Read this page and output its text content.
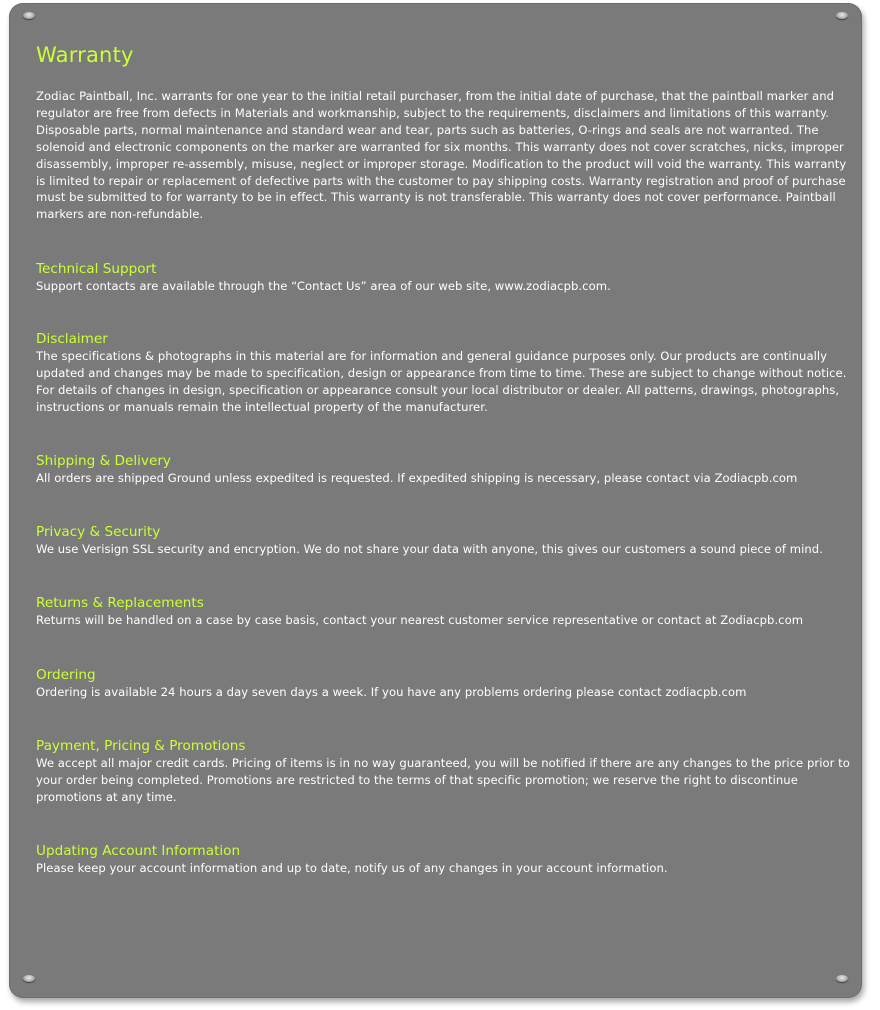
Warranty

Zodiac Paintball, Inc. warrants for one year to the initial retail purchaser, from the initial date of purchase, that the paintball marker and regulator are free from defects in Materials and workmanship, subject to the requirements, disclaimers and limitations of this warranty. Disposable parts, normal maintenance and standard wear and tear, parts such as batteries, O-rings and seals are not warranted. The solenoid and electronic components on the marker are warranted for six months. This warranty does not cover scratches, nicks, improper disassembly, improper re-assembly, misuse, neglect or improper storage. Modification to the product will void the warranty. This warranty is limited to repair or replacement of defective parts with the customer to pay shipping costs. Warranty registration and proof of purchase must be submitted to for warranty to be in effect. This warranty is not transferable. This warranty does not cover performance. Paintball markers are non-refundable.

Technical Support

Support contacts are available through the “Contact Us” area of our web site, www.zodiacpb.com.

Disclaimer

The specifications & photographs in this material are for information and general guidance purposes only. Our products are continually updated and changes may be made to specification, design or appearance from time to time. These are subject to change without notice. For details of changes in design, specification or appearance consult your local distributor or dealer. All patterns, drawings, photographs, instructions or manuals remain the intellectual property of the manufacturer.

Shipping & Delivery

All orders are shipped Ground unless expedited is requested. If expedited shipping is necessary, please contact via Zodiacpb.com

Privacy & Security

We use Verisign SSL security and encryption. We do not share your data with anyone, this gives our customers a sound piece of mind.

Returns & Replacements

Returns will be handled on a case by case basis, contact your nearest customer service representative or contact at Zodiacpb.com

Ordering

Ordering is available 24 hours a day seven days a week. If you have any problems ordering please contact zodiacpb.com

Payment, Pricing & Promotions

We accept all major credit cards. Pricing of items is in no way guaranteed, you will be notified if there are any changes to the price prior to your order being completed. Promotions are restricted to the terms of that specific promotion; we reserve the right to discontinue promotions at any time.

Updating Account Information

Please keep your account information and up to date, notify us of any changes in your account information.
